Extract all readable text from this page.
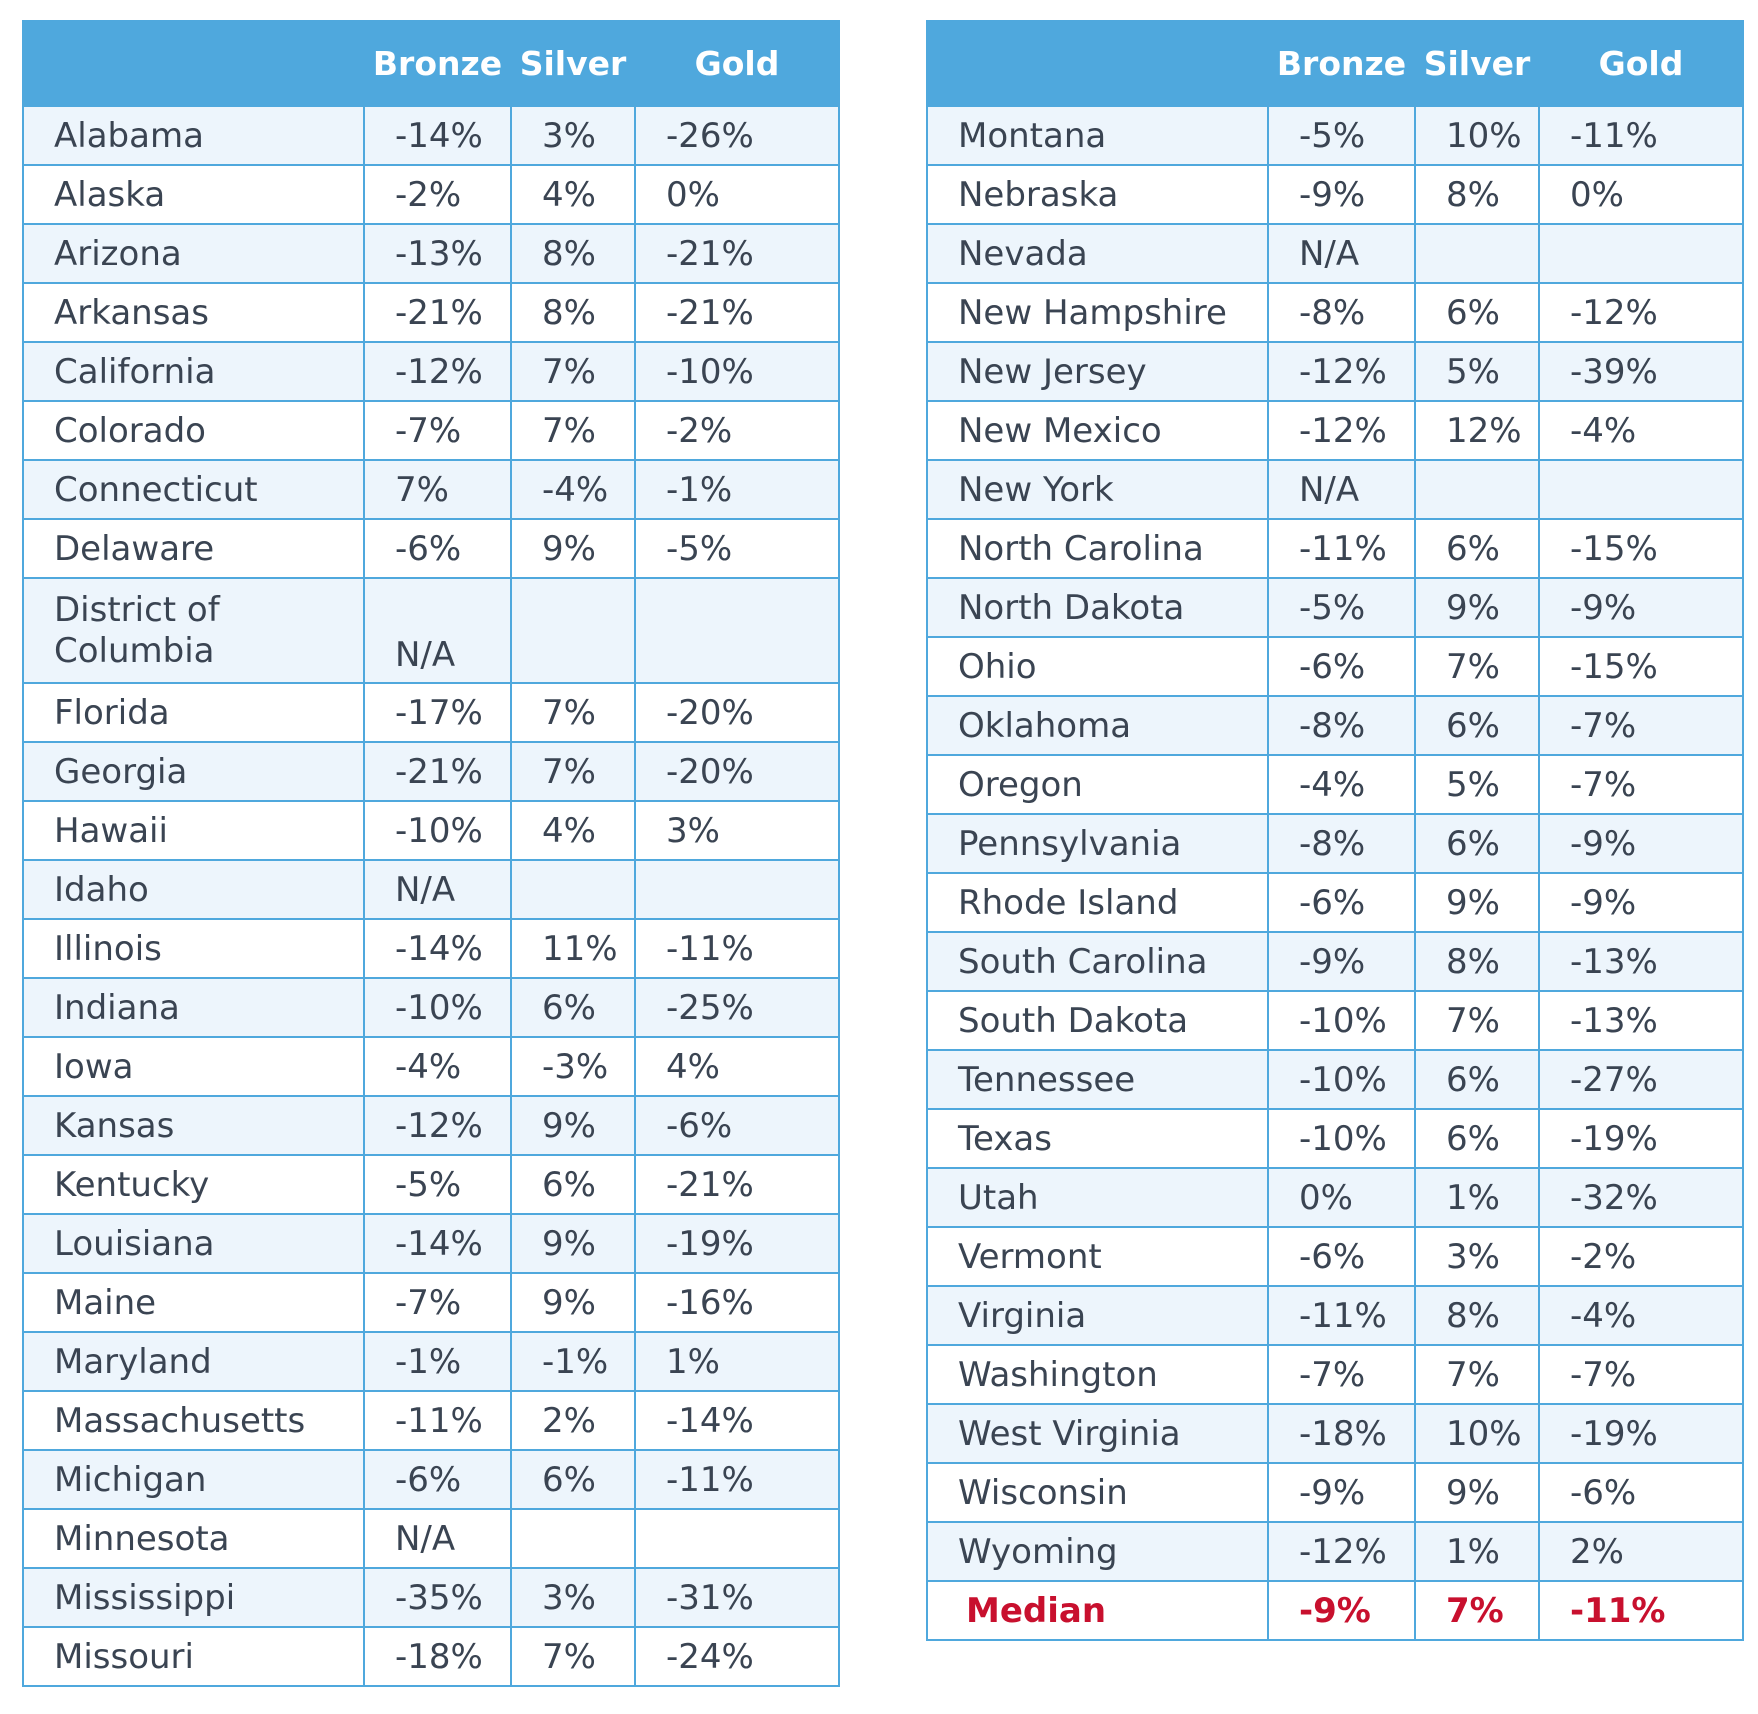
	Bronze	Silver	Gold
Alabama	-14%	3%	-26%
Alaska	-2%	4%	0%
Arizona	-13%	8%	-21%
Arkansas	-21%	8%	-21%
California	-12%	7%	-10%
Colorado	-7%	7%	-2%
Connecticut	7%	-4%	-1%
Delaware	-6%	9%	-5%
District of Columbia	N/A		
Florida	-17%	7%	-20%
Georgia	-21%	7%	-20%
Hawaii	-10%	4%	3%
Idaho	N/A		
Illinois	-14%	11%	-11%
Indiana	-10%	6%	-25%
Iowa	-4%	-3%	4%
Kansas	-12%	9%	-6%
Kentucky	-5%	6%	-21%
Louisiana	-14%	9%	-19%
Maine	-7%	9%	-16%
Maryland	-1%	-1%	1%
Massachusetts	-11%	2%	-14%
Michigan	-6%	6%	-11%
Minnesota	N/A		
Mississippi	-35%	3%	-31%
Missouri	-18%	7%	-24%
	Bronze	Silver	Gold
Montana	-5%	10%	-11%
Nebraska	-9%	8%	0%
Nevada	N/A		
New Hampshire	-8%	6%	-12%
New Jersey	-12%	5%	-39%
New Mexico	-12%	12%	-4%
New York	N/A		
North Carolina	-11%	6%	-15%
North Dakota	-5%	9%	-9%
Ohio	-6%	7%	-15%
Oklahoma	-8%	6%	-7%
Oregon	-4%	5%	-7%
Pennsylvania	-8%	6%	-9%
Rhode Island	-6%	9%	-9%
South Carolina	-9%	8%	-13%
South Dakota	-10%	7%	-13%
Tennessee	-10%	6%	-27%
Texas	-10%	6%	-19%
Utah	0%	1%	-32%
Vermont	-6%	3%	-2%
Virginia	-11%	8%	-4%
Washington	-7%	7%	-7%
West Virginia	-18%	10%	-19%
Wisconsin	-9%	9%	-6%
Wyoming	-12%	1%	2%
Median	-9%	7%	-11%
